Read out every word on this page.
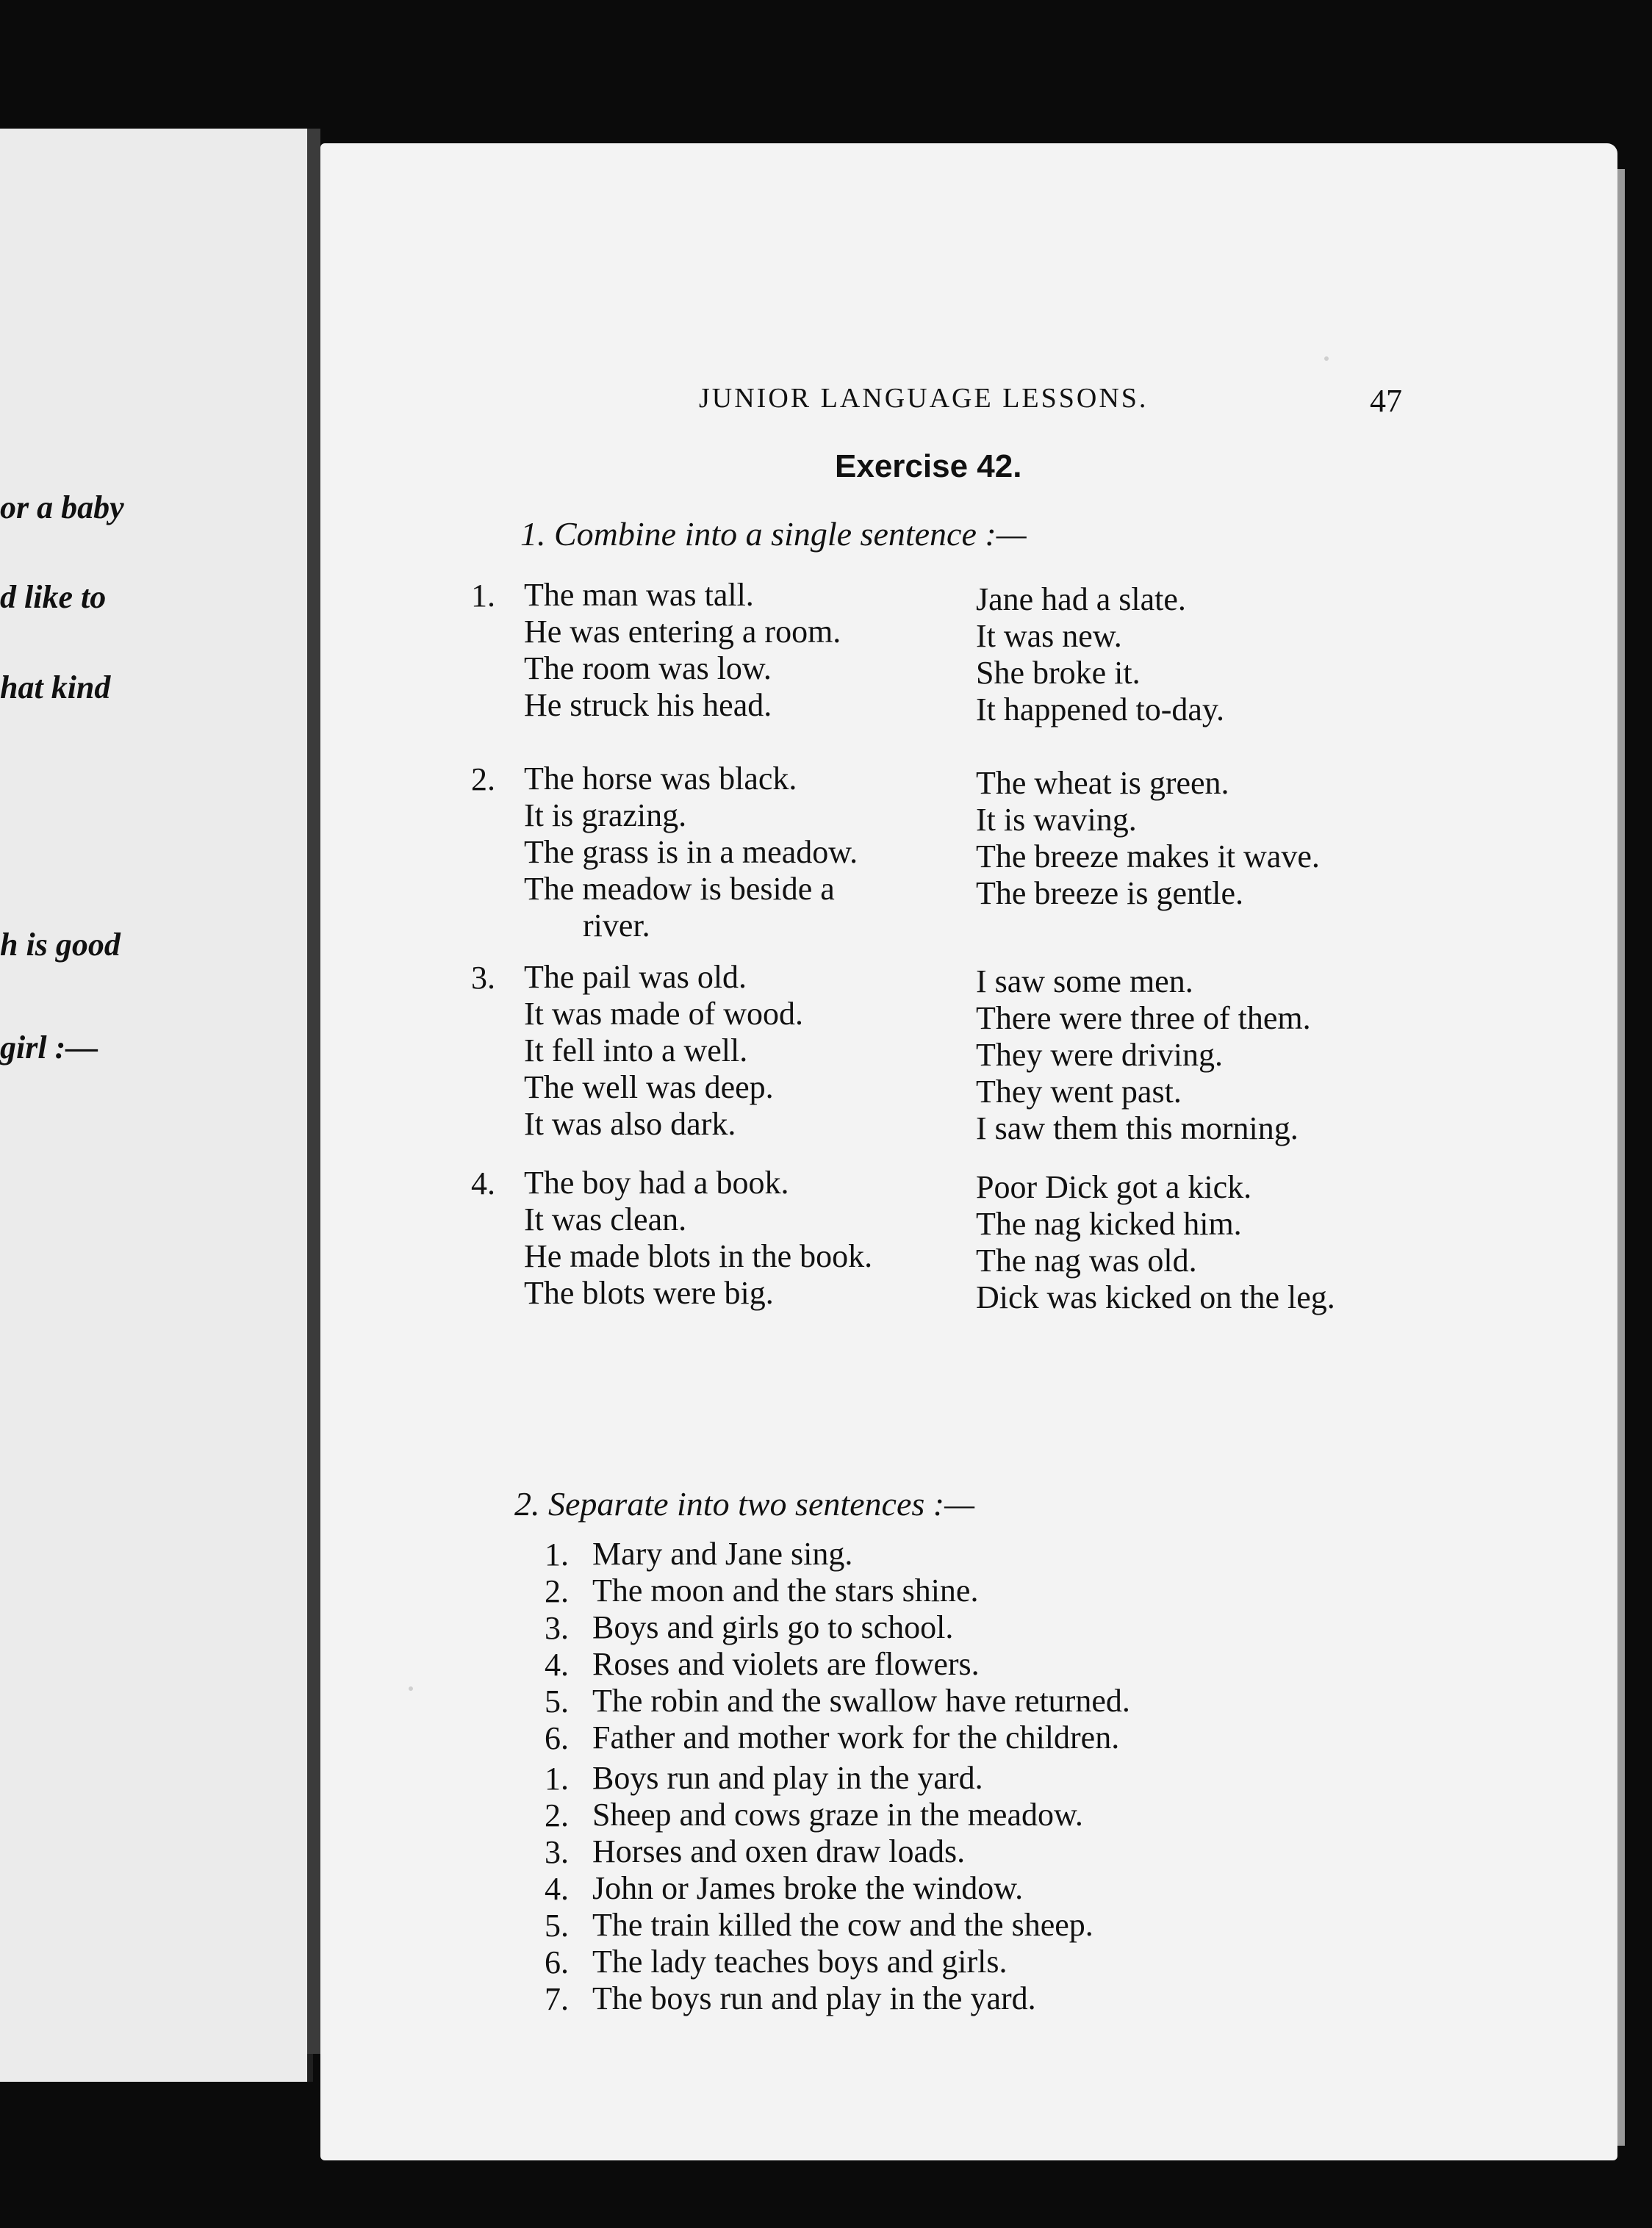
or a baby
d like to
hat kind
h is good
girl :—
JUNIOR LANGUAGE LESSONS.	47
Exercise 42.
1. Combine into a single sentence :—
1. The man was tall.
He was entering a room.
The room was low.
He struck his head.
Jane had a slate.
It was new.
She broke it.
It happened to-day.
2. The horse was black.
It is grazing.
The grass is in a meadow.
The meadow is beside a
river.
The wheat is green.
It is waving.
The breeze makes it wave.
The breeze is gentle.
3. The pail was old.
It was made of wood.
It fell into a well.
The well was deep.
It was also dark.
I saw some men.
There were three of them.
They were driving.
They went past.
I saw them this morning.
4. The boy had a book.
It was clean.
He made blots in the book.
The blots were big.
Poor Dick got a kick.
The nag kicked him.
The nag was old.
Dick was kicked on the leg.
2. Separate into two sentences :—
1. Mary and Jane sing.
2. The moon and the stars shine.
3. Boys and girls go to school.
4. Roses and violets are flowers.
5. The robin and the swallow have returned.
6. Father and mother work for the children.
1. Boys run and play in the yard.
2. Sheep and cows graze in the meadow.
3. Horses and oxen draw loads.
4. John or James broke the window.
5. The train killed the cow and the sheep.
6. The lady teaches boys and girls.
7. The boys run and play in the yard.
